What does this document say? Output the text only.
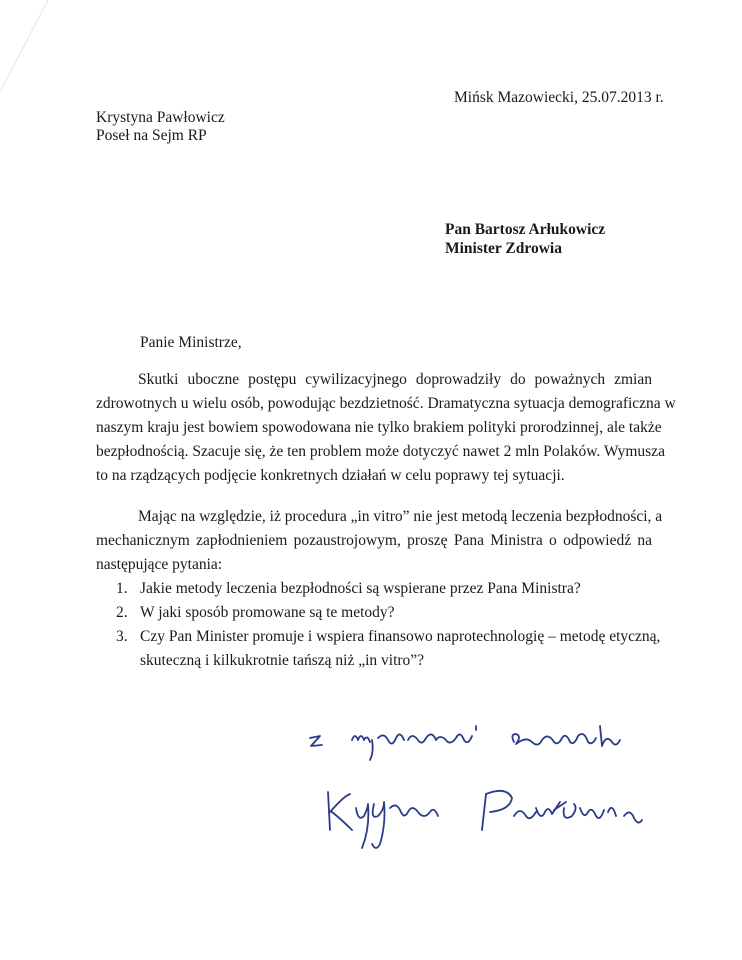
Mińsk Mazowiecki, 25.07.2013 r.
Krystyna Pawłowicz
Poseł na Sejm RP
Pan Bartosz Arłukowicz
Minister Zdrowia
Panie Ministrze,
Skutki uboczne postępu cywilizacyjnego doprowadziły do poważnych zmian
zdrowotnych u wielu osób, powodując bezdzietność. Dramatyczna sytuacja demograficzna w
naszym kraju jest bowiem spowodowana nie tylko brakiem polityki prorodzinnej, ale także
bezpłodnością. Szacuje się, że ten problem może dotyczyć nawet 2 mln Polaków. Wymusza
to na rządzących podjęcie konkretnych działań w celu poprawy tej sytuacji.
Mając na względzie, iż procedura „in vitro” nie jest metodą leczenia bezpłodności, a
mechanicznym zapłodnieniem pozaustrojowym, proszę Pana Ministra o odpowiedź na
następujące pytania:
1. Jakie metody leczenia bezpłodności są wspierane przez Pana Ministra?
2. W jaki sposób promowane są te metody?
3. Czy Pan Minister promuje i wspiera finansowo naprotechnologię – metodę etyczną,
skuteczną i kilkukrotnie tańszą niż „in vitro”?
